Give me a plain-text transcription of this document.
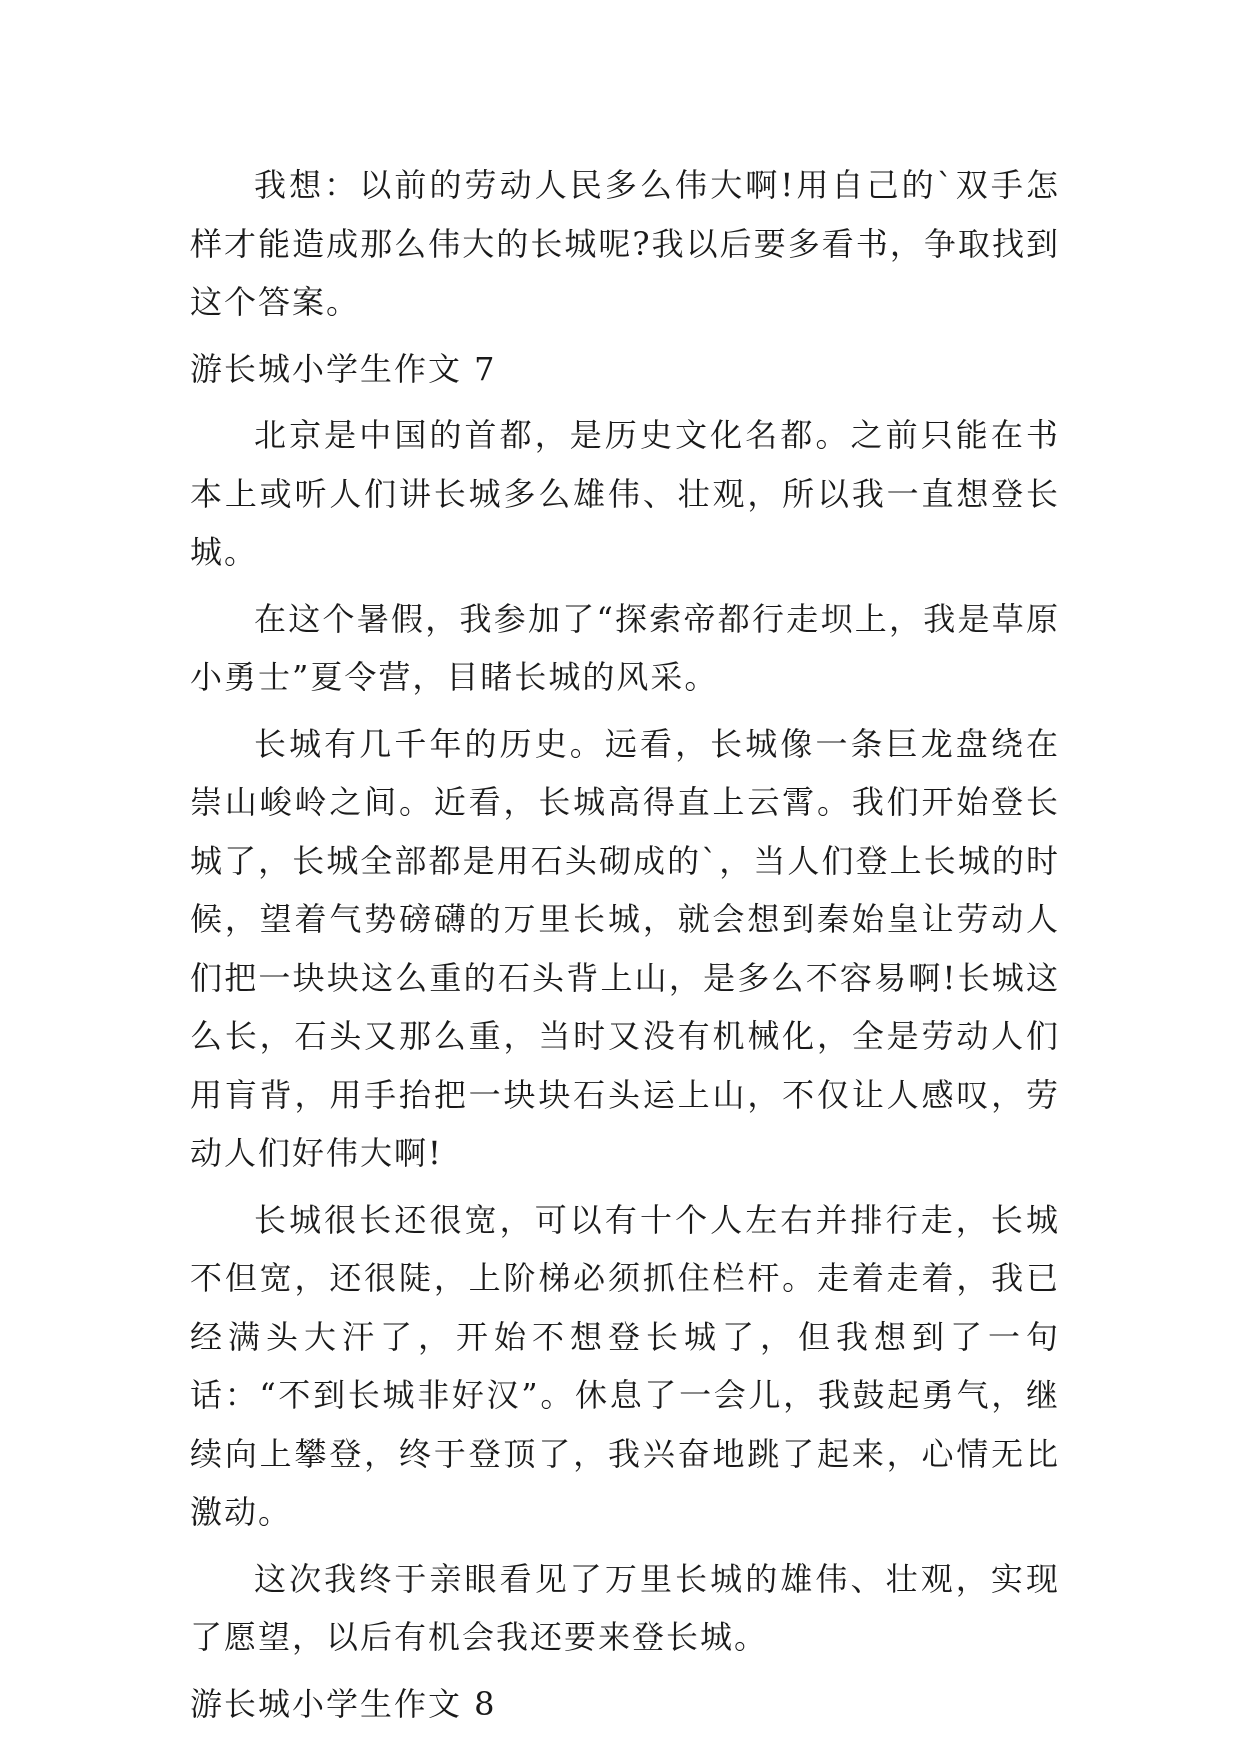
我想：以前的劳动人民多么伟大啊!用自己的`双手怎样才能造成那么伟大的长城呢?我以后要多看书，争取找到这个答案。

游长城小学生作文 7

北京是中国的首都，是历史文化名都。之前只能在书本上或听人们讲长城多么雄伟、壮观，所以我一直想登长城。

在这个暑假，我参加了“探索帝都行走坝上，我是草原小勇士”夏令营，目睹长城的风采。

长城有几千年的历史。远看，长城像一条巨龙盘绕在崇山峻岭之间。近看，长城高得直上云霄。我们开始登长城了，长城全部都是用石头砌成的`，当人们登上长城的时候，望着气势磅礴的万里长城，就会想到秦始皇让劳动人们把一块块这么重的石头背上山，是多么不容易啊!长城这么长，石头又那么重，当时又没有机械化，全是劳动人们用肓背，用手抬把一块块石头运上山，不仅让人感叹，劳动人们好伟大啊!

长城很长还很宽，可以有十个人左右并排行走，长城不但宽，还很陡，上阶梯必须抓住栏杆。走着走着，我已经满头大汗了，开始不想登长城了，但我想到了一句话：“不到长城非好汉”。休息了一会儿，我鼓起勇气，继续向上攀登，终于登顶了，我兴奋地跳了起来，心情无比激动。

这次我终于亲眼看见了万里长城的雄伟、壮观，实现了愿望，以后有机会我还要来登长城。

游长城小学生作文 8
